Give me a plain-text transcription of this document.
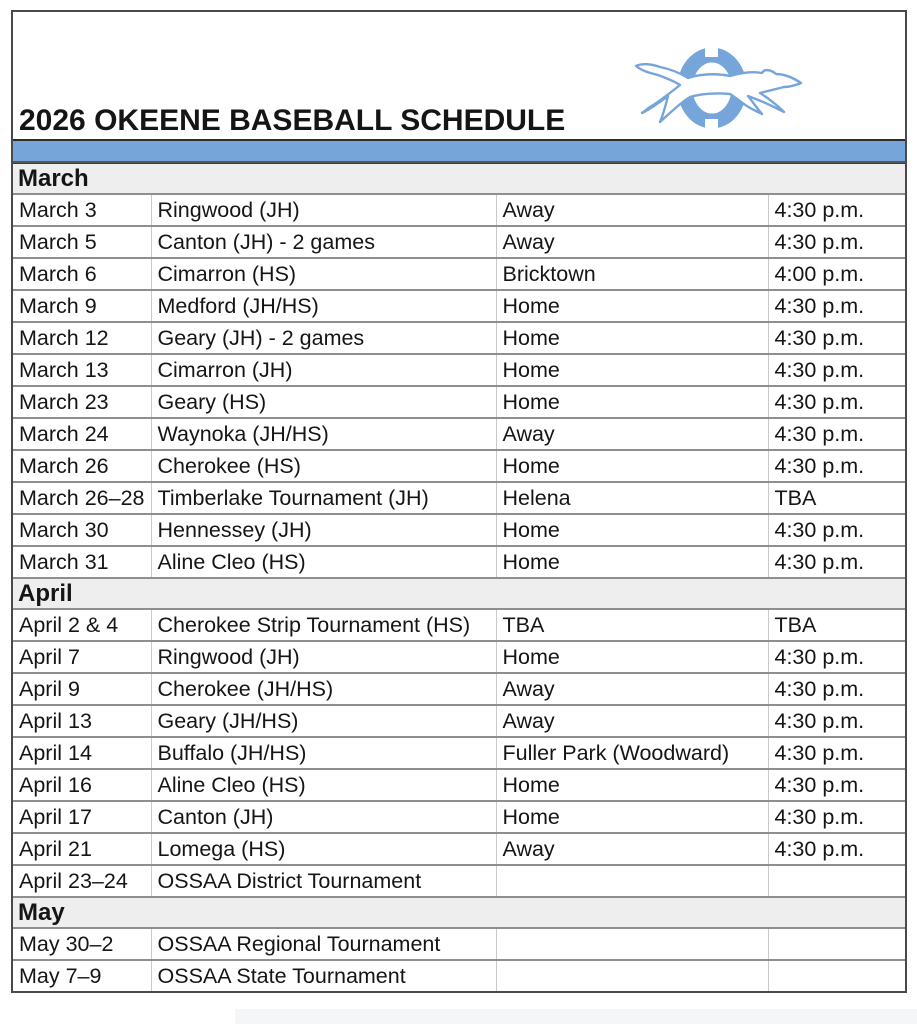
2026 OKEENE BASEBALL SCHEDULE
March			
March 3	Ringwood (JH)	Away	4:30 p.m.
March 5	Canton (JH) - 2 games	Away	4:30 p.m.
March 6	Cimarron (HS)	Bricktown	4:00 p.m.
March 9	Medford (JH/HS)	Home	4:30 p.m.
March 12	Geary (JH) - 2 games	Home	4:30 p.m.
March 13	Cimarron (JH)	Home	4:30 p.m.
March 23	Geary (HS)	Home	4:30 p.m.
March 24	Waynoka (JH/HS)	Away	4:30 p.m.
March 26	Cherokee (HS)	Home	4:30 p.m.
March 26–28	Timberlake Tournament (JH)	Helena	TBA
March 30	Hennessey (JH)	Home	4:30 p.m.
March 31	Aline Cleo (HS)	Home	4:30 p.m.
April			
April 2 & 4	Cherokee Strip Tournament (HS)	TBA	TBA
April 7	Ringwood (JH)	Home	4:30 p.m.
April 9	Cherokee (JH/HS)	Away	4:30 p.m.
April 13	Geary (JH/HS)	Away	4:30 p.m.
April 14	Buffalo (JH/HS)	Fuller Park (Woodward)	4:30 p.m.
April 16	Aline Cleo (HS)	Home	4:30 p.m.
April 17	Canton (JH)	Home	4:30 p.m.
April 21	Lomega (HS)	Away	4:30 p.m.
April 23–24	OSSAA District Tournament		
May			
May 30–2	OSSAA Regional Tournament		
May 7–9	OSSAA State Tournament		
